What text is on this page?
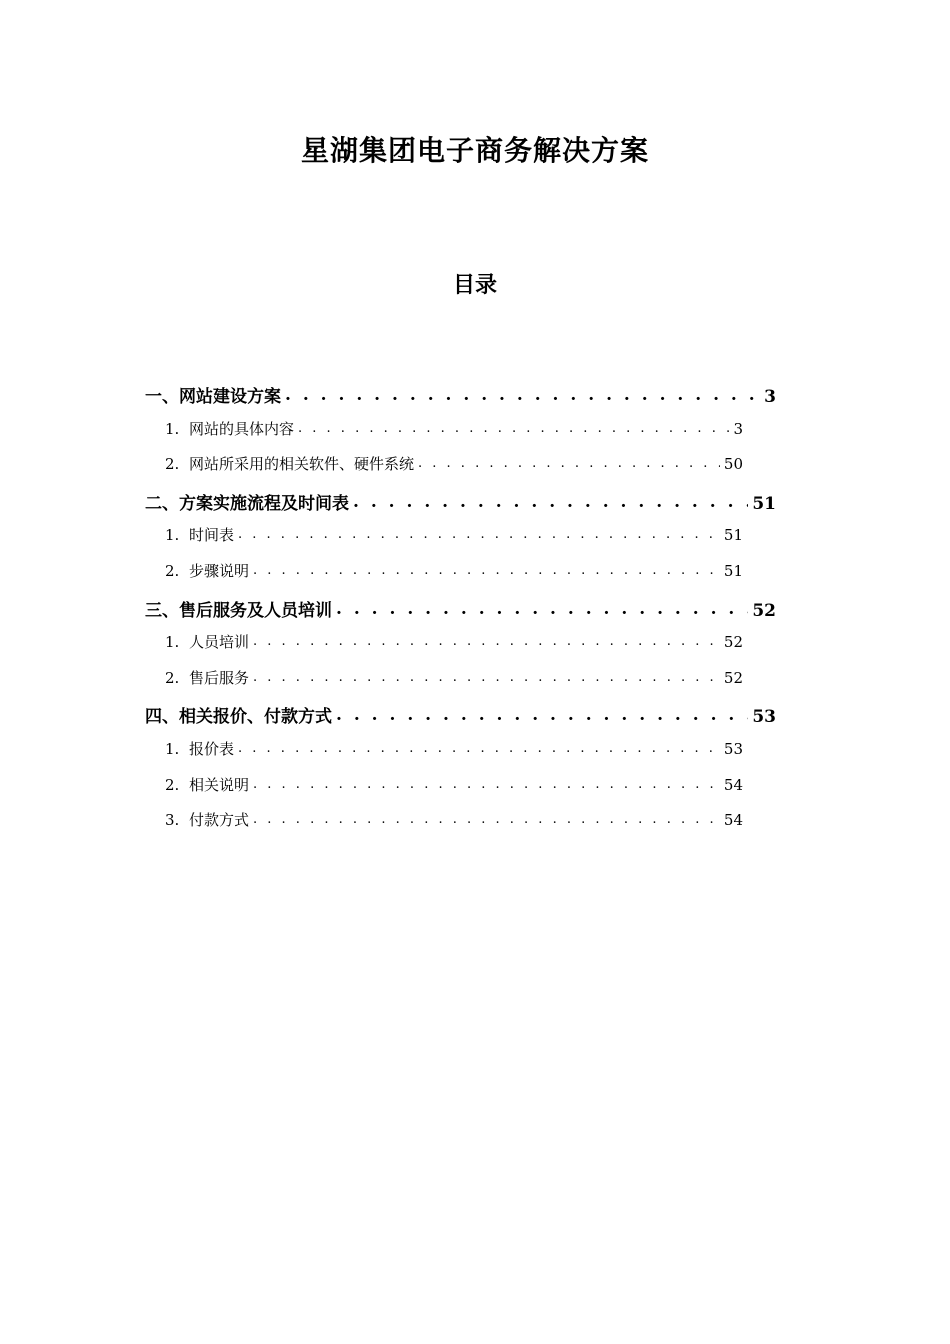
星湖集团电子商务解决方案
目录
一、网站建设方案 . . .	3
1. 网站的具体内容 . . .	3
2. 网站所采用的相关软件、硬件系统 . . .	50
二、方案实施流程及时间表 . . .	51
1. 时间表 . . .	51
2. 步骤说明 . . .	51
三、售后服务及人员培训 . . .	52
1. 人员培训 . . .	52
2. 售后服务 . . .	52
四、相关报价、付款方式 . . .	53
1. 报价表 . . .	53
2. 相关说明 . . .	54
3. 付款方式 . . .	54
